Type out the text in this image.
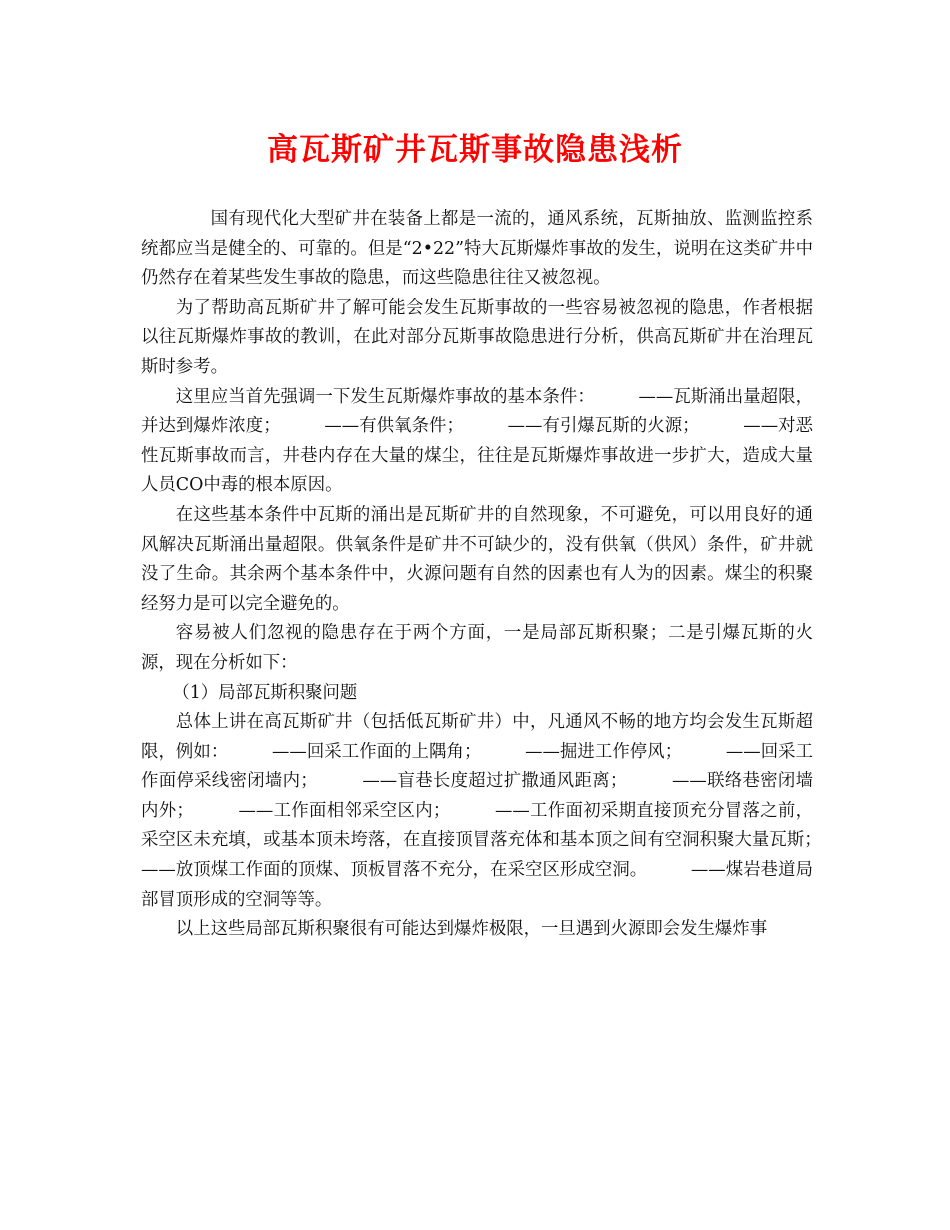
高瓦斯矿井瓦斯事故隐患浅析

国有现代化大型矿井在装备上都是一流的，通风系统，瓦斯抽放、监测监控系统都应当是健全的、可靠的。但是“2•22”特大瓦斯爆炸事故的发生，说明在这类矿井中仍然存在着某些发生事故的隐患，而这些隐患往往又被忽视。

为了帮助高瓦斯矿井了解可能会发生瓦斯事故的一些容易被忽视的隐患，作者根据以往瓦斯爆炸事故的教训，在此对部分瓦斯事故隐患进行分析，供高瓦斯矿井在治理瓦斯时参考。

这里应当首先强调一下发生瓦斯爆炸事故的基本条件：　　　——瓦斯涌出量超限，并达到爆炸浓度；　　　——有供氧条件；　　　——有引爆瓦斯的火源；　　　——对恶性瓦斯事故而言，井巷内存在大量的煤尘，往往是瓦斯爆炸事故进一步扩大，造成大量人员CO中毒的根本原因。

在这些基本条件中瓦斯的涌出是瓦斯矿井的自然现象，不可避免，可以用良好的通风解决瓦斯涌出量超限。供氧条件是矿井不可缺少的，没有供氧（供风）条件，矿井就没了生命。其余两个基本条件中，火源问题有自然的因素也有人为的因素。煤尘的积聚经努力是可以完全避免的。

容易被人们忽视的隐患存在于两个方面，一是局部瓦斯积聚；二是引爆瓦斯的火源，现在分析如下：

（1）局部瓦斯积聚问题

总体上讲在高瓦斯矿井（包括低瓦斯矿井）中，凡通风不畅的地方均会发生瓦斯超限，例如：　　　——回采工作面的上隅角；　　　——掘进工作停风；　　　——回采工作面停采线密闭墙内；　　　——盲巷长度超过扩撒通风距离；　　　——联络巷密闭墙内外；　　　——工作面相邻采空区内；　　　——工作面初采期直接顶充分冒落之前，采空区未充填，或基本顶未垮落，在直接顶冒落充体和基本顶之间有空洞积聚大量瓦斯；　　　——放顶煤工作面的顶煤、顶板冒落不充分，在采空区形成空洞。　　　——煤岩巷道局部冒顶形成的空洞等等。

以上这些局部瓦斯积聚很有可能达到爆炸极限，一旦遇到火源即会发生爆炸事
